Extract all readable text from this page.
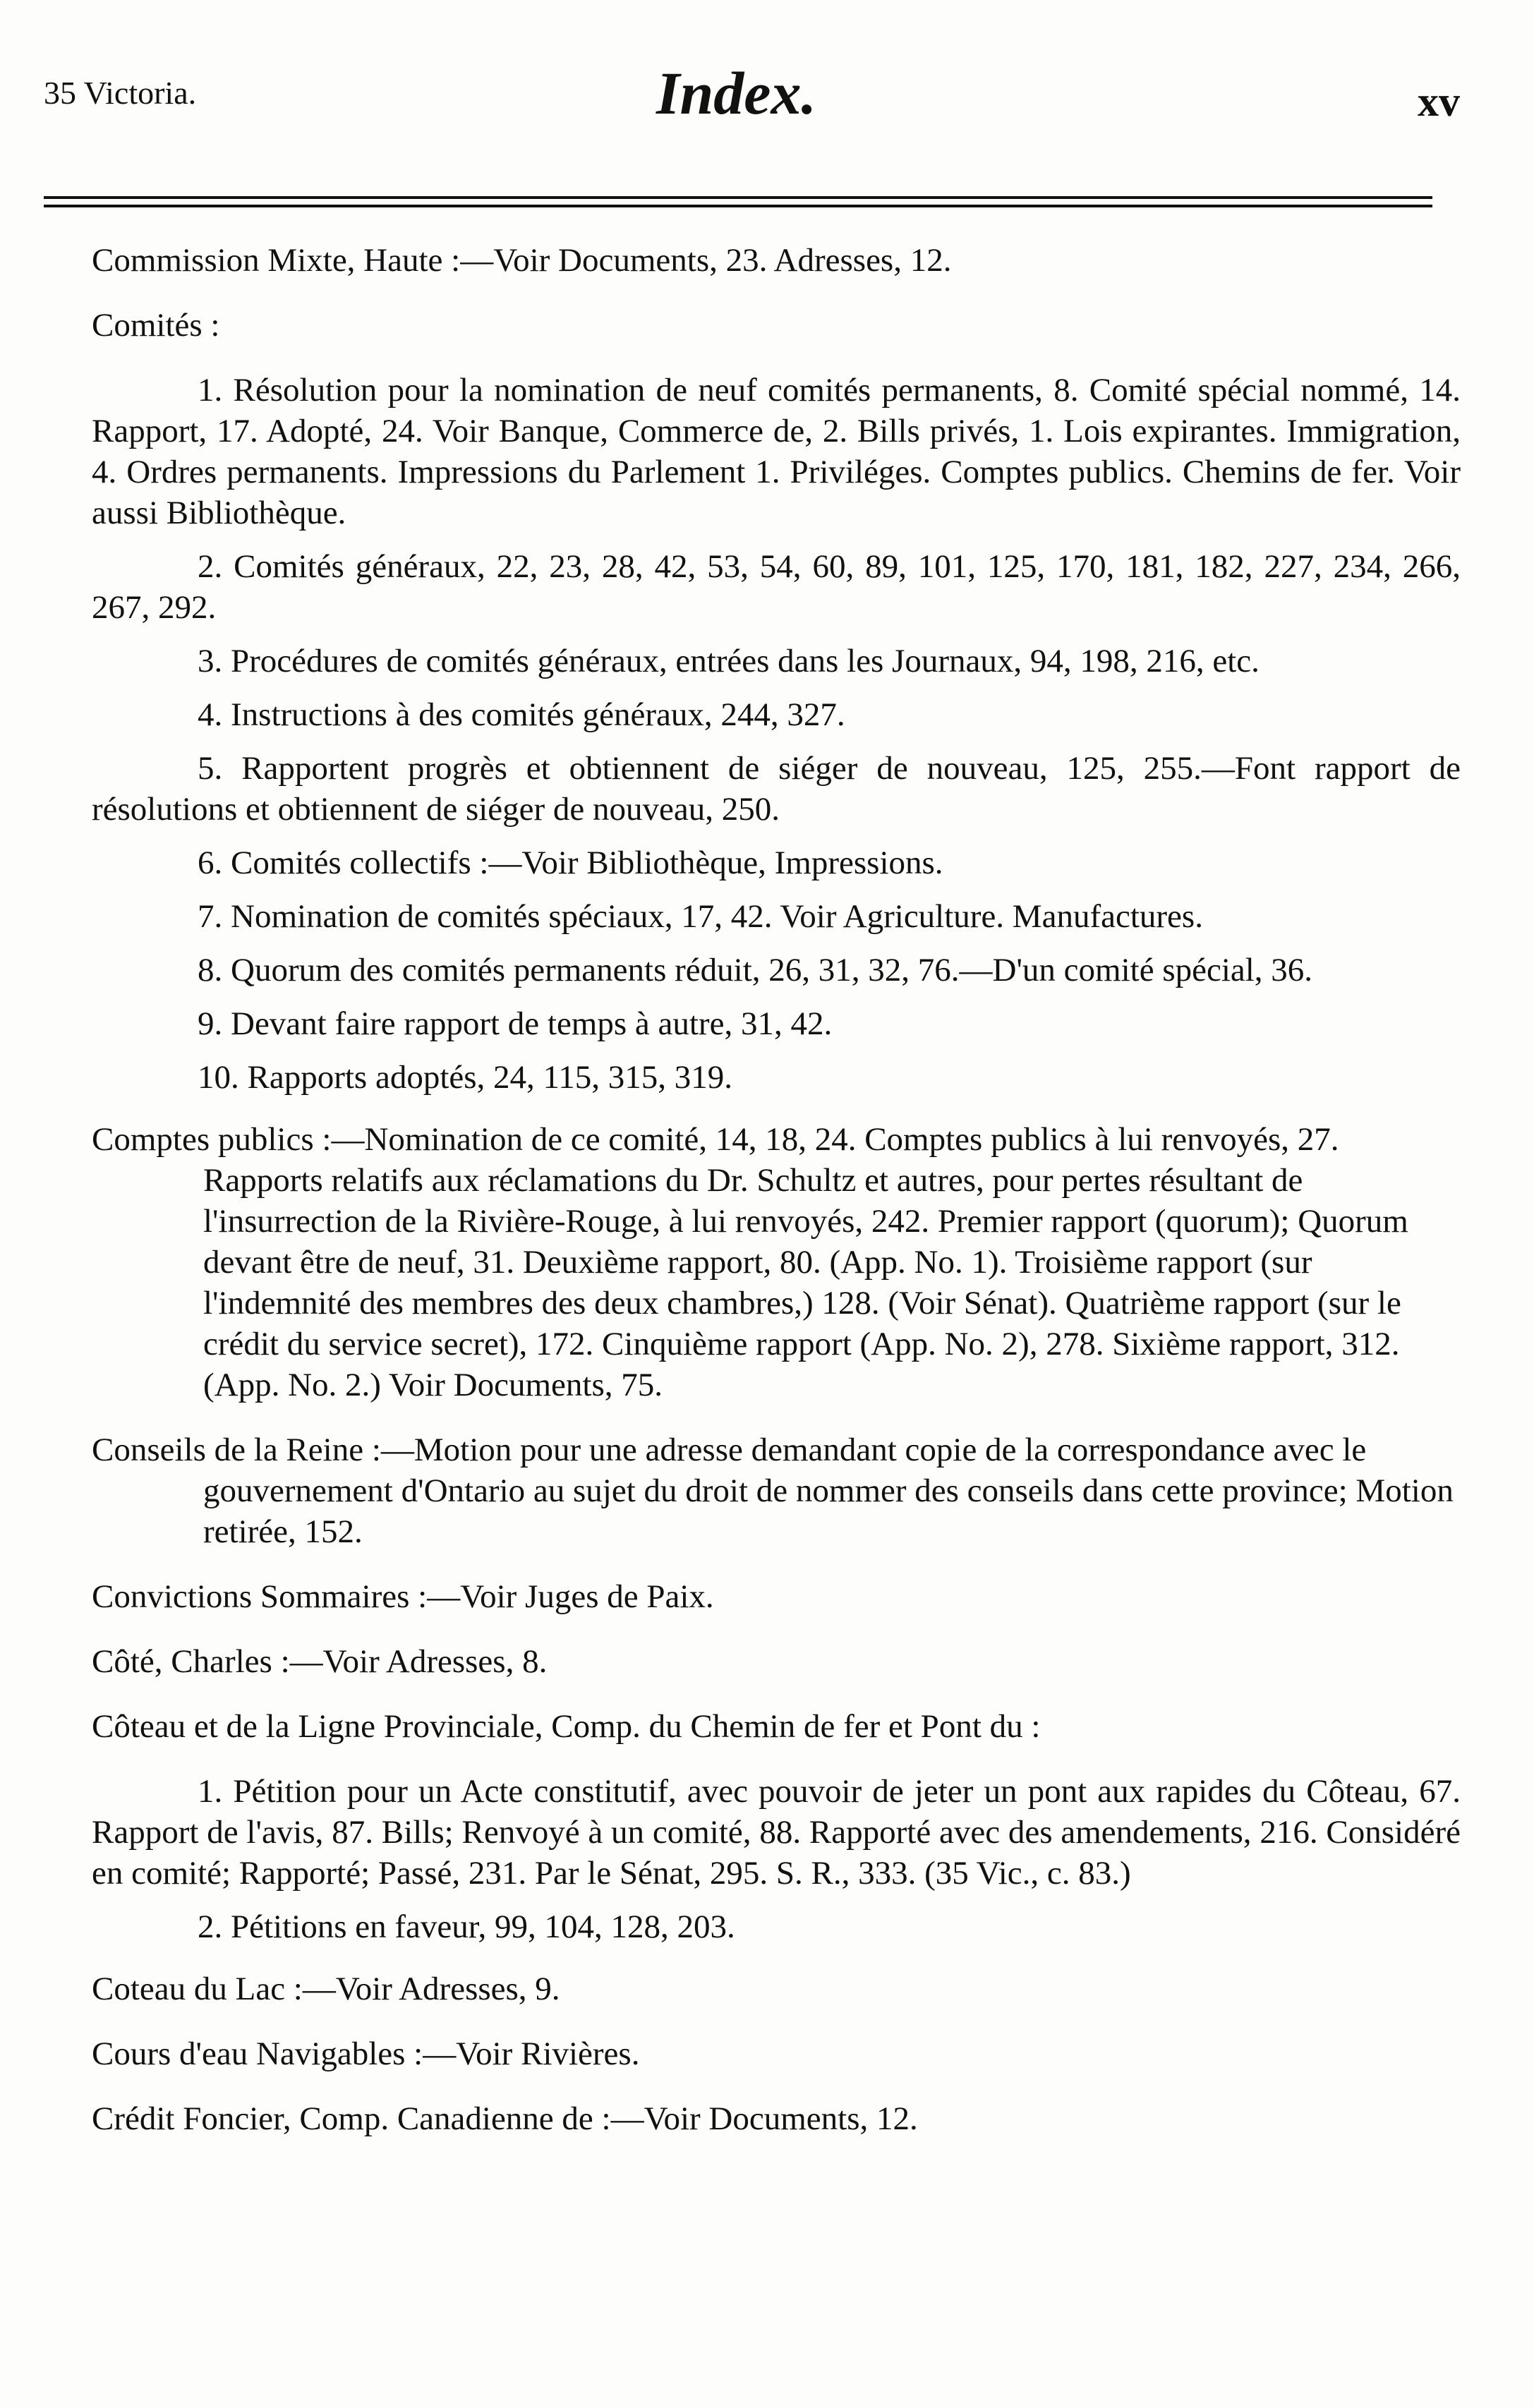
35 Victoria.	Index.	xv

Commission Mixte, Haute :—Voir Documents, 23. Adresses, 12.

Comités :

1. Résolution pour la nomination de neuf comités permanents, 8. Comité spécial nommé, 14. Rapport, 17. Adopté, 24. Voir Banque, Commerce de, 2. Bills privés, 1. Lois expirantes. Immigration, 4. Ordres permanents. Impressions du Parlement 1. Priviléges. Comptes publics. Chemins de fer. Voir aussi Bibliothèque.

2. Comités généraux, 22, 23, 28, 42, 53, 54, 60, 89, 101, 125, 170, 181, 182, 227, 234, 266, 267, 292.

3. Procédures de comités généraux, entrées dans les Journaux, 94, 198, 216, etc.

4. Instructions à des comités généraux, 244, 327.

5. Rapportent progrès et obtiennent de siéger de nouveau, 125, 255.—Font rapport de résolutions et obtiennent de siéger de nouveau, 250.

6. Comités collectifs :—Voir Bibliothèque, Impressions.

7. Nomination de comités spéciaux, 17, 42. Voir Agriculture. Manufactures.

8. Quorum des comités permanents réduit, 26, 31, 32, 76.—D'un comité spécial, 36.

9. Devant faire rapport de temps à autre, 31, 42.

10. Rapports adoptés, 24, 115, 315, 319.

Comptes publics :—Nomination de ce comité, 14, 18, 24. Comptes publics à lui renvoyés, 27. Rapports relatifs aux réclamations du Dr. Schultz et autres, pour pertes résultant de l'insurrection de la Rivière-Rouge, à lui renvoyés, 242. Premier rapport (quorum); Quorum devant être de neuf, 31. Deuxième rapport, 80. (App. No. 1). Troisième rapport (sur l'indemnité des membres des deux chambres,) 128. (Voir Sénat). Quatrième rapport (sur le crédit du service secret), 172. Cinquième rapport (App. No. 2), 278. Sixième rapport, 312. (App. No. 2.) Voir Documents, 75.

Conseils de la Reine :—Motion pour une adresse demandant copie de la correspondance avec le gouvernement d'Ontario au sujet du droit de nommer des conseils dans cette province; Motion retirée, 152.

Convictions Sommaires :—Voir Juges de Paix.

Côté, Charles :—Voir Adresses, 8.

Côteau et de la Ligne Provinciale, Comp. du Chemin de fer et Pont du :

1. Pétition pour un Acte constitutif, avec pouvoir de jeter un pont aux rapides du Côteau, 67. Rapport de l'avis, 87. Bills; Renvoyé à un comité, 88. Rapporté avec des amendements, 216. Considéré en comité; Rapporté; Passé, 231. Par le Sénat, 295. S. R., 333. (35 Vic., c. 83.)

2. Pétitions en faveur, 99, 104, 128, 203.

Coteau du Lac :—Voir Adresses, 9.

Cours d'eau Navigables :—Voir Rivières.

Crédit Foncier, Comp. Canadienne de :—Voir Documents, 12.
